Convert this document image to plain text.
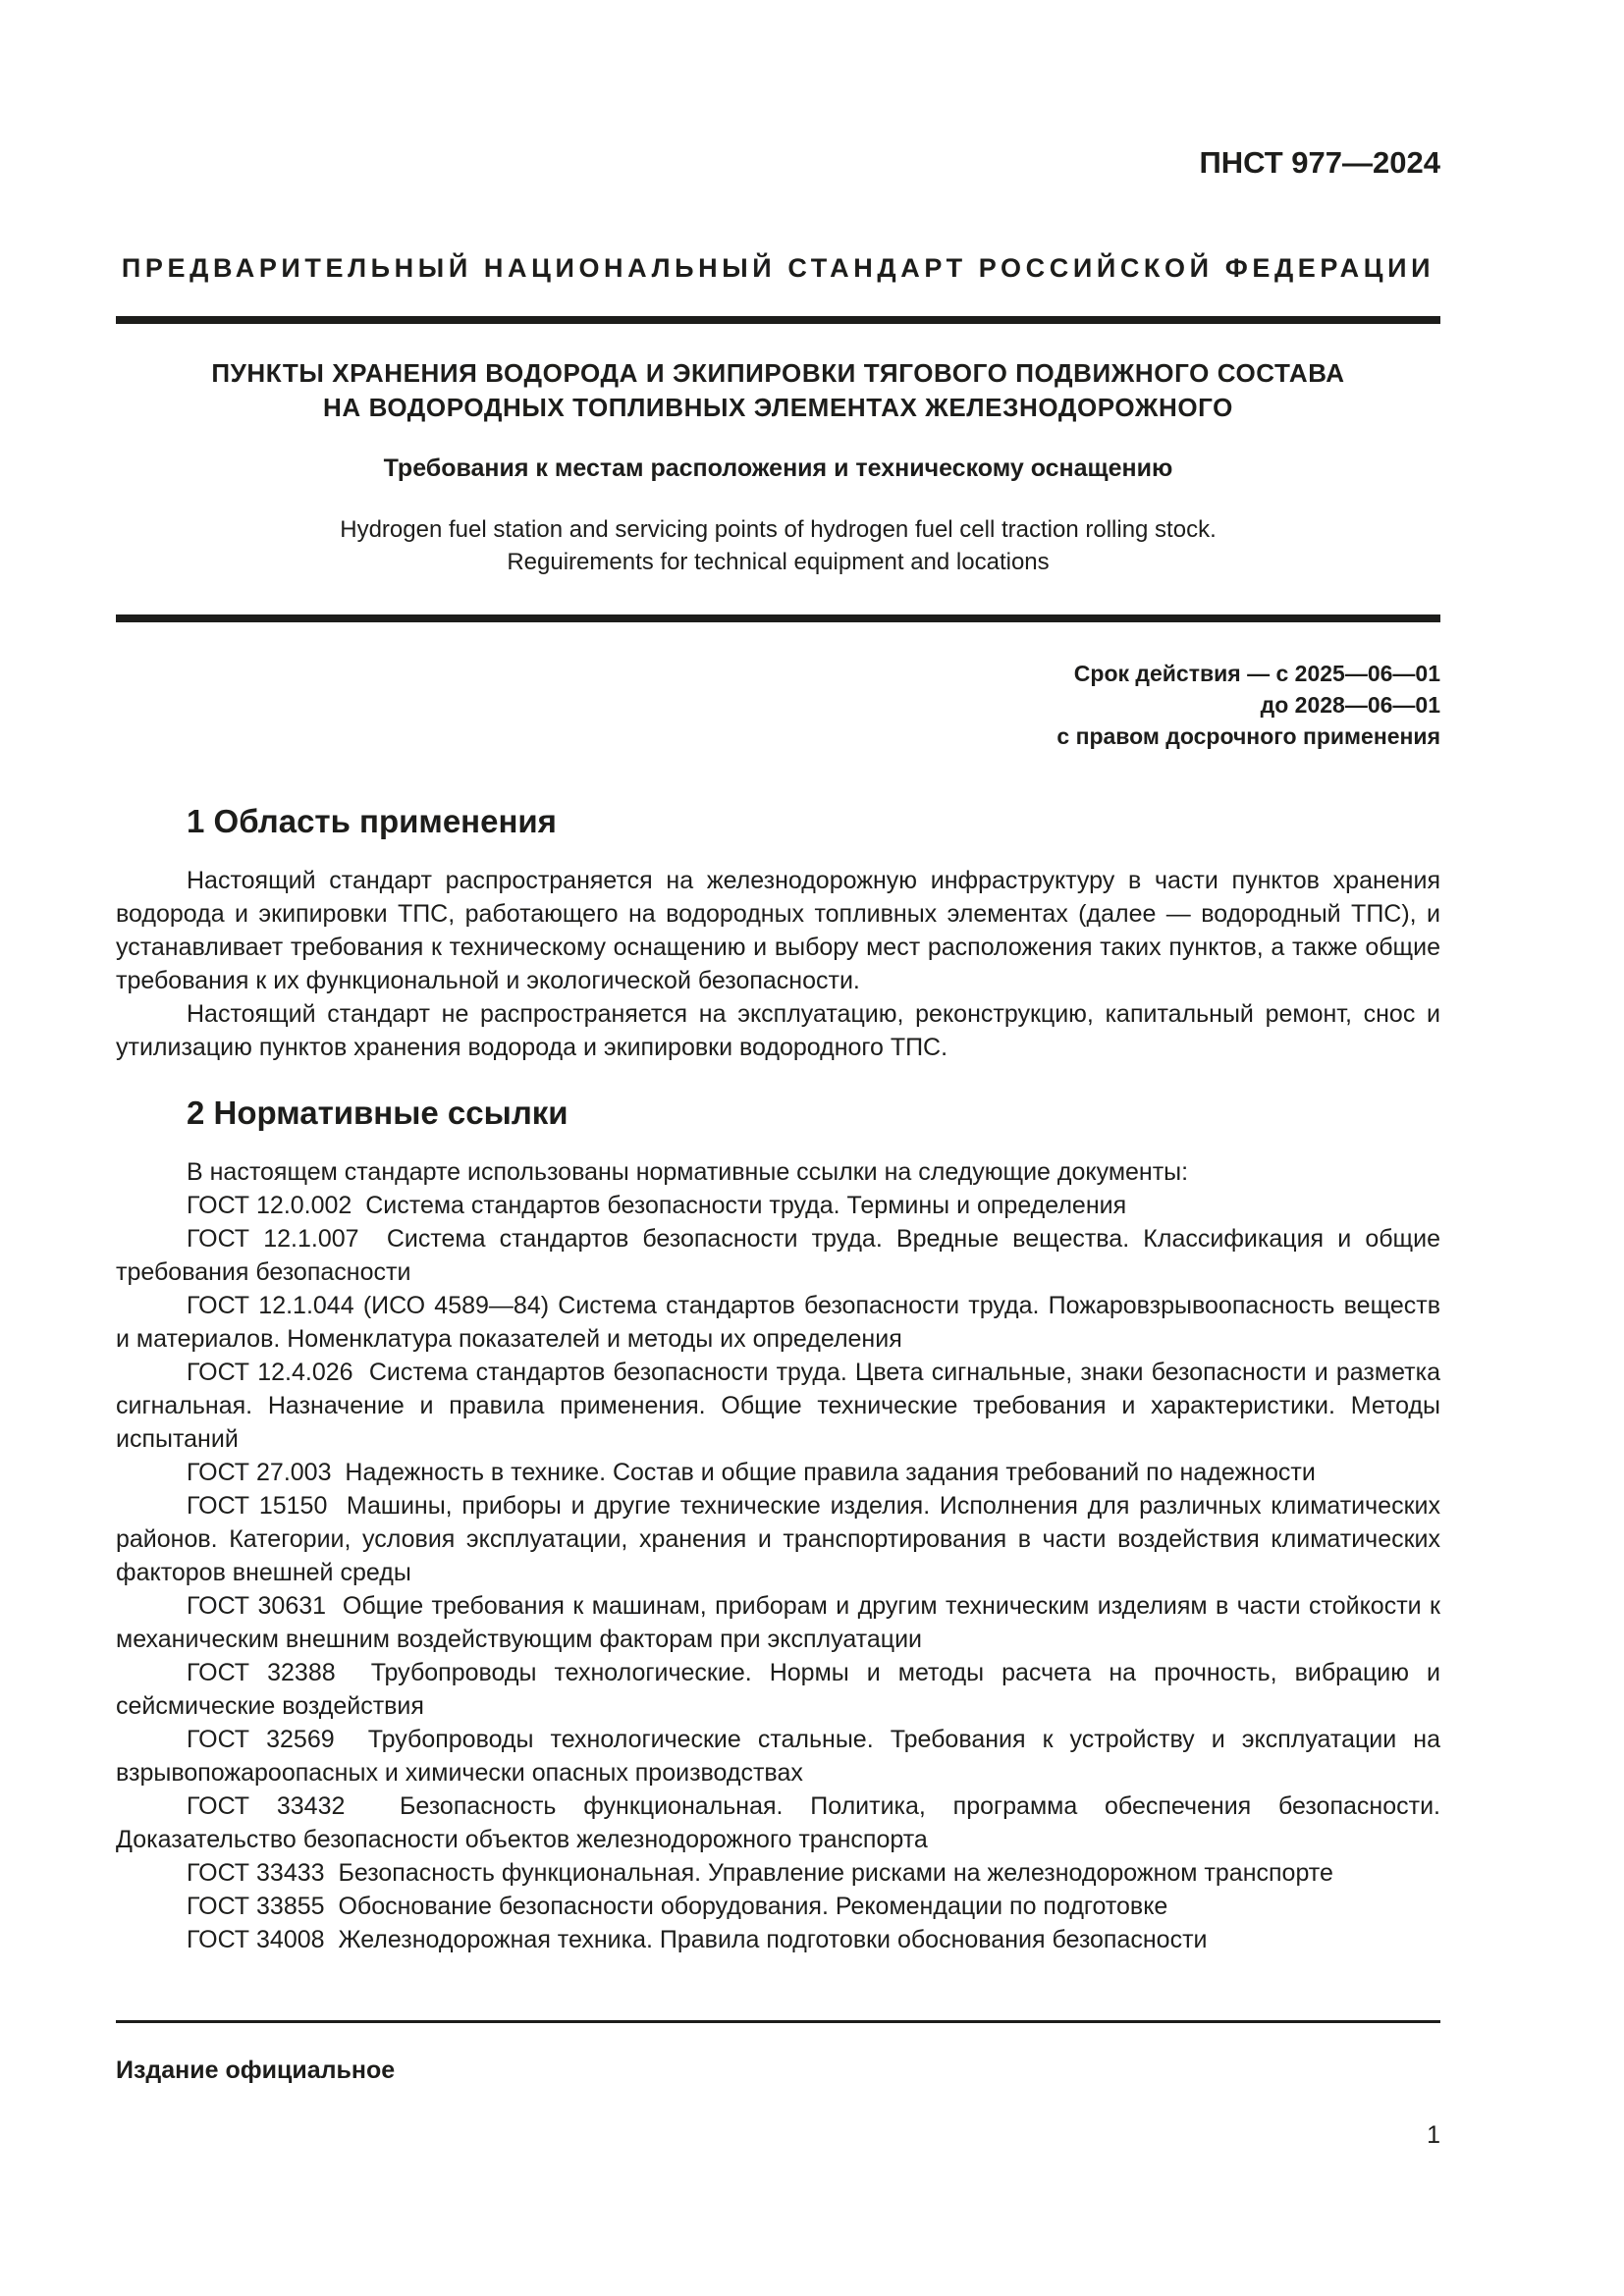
ПНСТ 977—2024
ПРЕДВАРИТЕЛЬНЫЙ НАЦИОНАЛЬНЫЙ СТАНДАРТ РОССИЙСКОЙ ФЕДЕРАЦИИ
ПУНКТЫ ХРАНЕНИЯ ВОДОРОДА И ЭКИПИРОВКИ ТЯГОВОГО ПОДВИЖНОГО СОСТАВА
НА ВОДОРОДНЫХ ТОПЛИВНЫХ ЭЛЕМЕНТАХ ЖЕЛЕЗНОДОРОЖНОГО
Требования к местам расположения и техническому оснащению
Hydrogen fuel station and servicing points of hydrogen fuel cell traction rolling stock.
Reguirements for technical equipment and locations
Срок действия — с 2025—06—01
до 2028—06—01
с правом досрочного применения
1 Область применения

Настоящий стандарт распространяется на железнодорожную инфраструктуру в части пунктов хранения водорода и экипировки ТПС, работающего на водородных топливных элементах (далее — водородный ТПС), и устанавливает требования к техническому оснащению и выбору мест расположения таких пунктов, а также общие требования к их функциональной и экологической безопасности.

Настоящий стандарт не распространяется на эксплуатацию, реконструкцию, капитальный ремонт, снос и утилизацию пунктов хранения водорода и экипировки водородного ТПС.

2 Нормативные ссылки

В настоящем стандарте использованы нормативные ссылки на следующие документы:

ГОСТ 12.0.002 Система стандартов безопасности труда. Термины и определения

ГОСТ 12.1.007 Система стандартов безопасности труда. Вредные вещества. Классификация и общие требования безопасности

ГОСТ 12.1.044 (ИСО 4589—84) Система стандартов безопасности труда. Пожаровзрывоопасность веществ и материалов. Номенклатура показателей и методы их определения

ГОСТ 12.4.026 Система стандартов безопасности труда. Цвета сигнальные, знаки безопасности и разметка сигнальная. Назначение и правила применения. Общие технические требования и характеристики. Методы испытаний

ГОСТ 27.003 Надежность в технике. Состав и общие правила задания требований по надежности

ГОСТ 15150 Машины, приборы и другие технические изделия. Исполнения для различных климатических районов. Категории, условия эксплуатации, хранения и транспортирования в части воздействия климатических факторов внешней среды

ГОСТ 30631 Общие требования к машинам, приборам и другим техническим изделиям в части стойкости к механическим внешним воздействующим факторам при эксплуатации

ГОСТ 32388 Трубопроводы технологические. Нормы и методы расчета на прочность, вибрацию и сейсмические воздействия

ГОСТ 32569 Трубопроводы технологические стальные. Требования к устройству и эксплуатации на взрывопожароопасных и химически опасных производствах

ГОСТ 33432 Безопасность функциональная. Политика, программа обеспечения безопасности. Доказательство безопасности объектов железнодорожного транспорта

ГОСТ 33433 Безопасность функциональная. Управление рисками на железнодорожном транспорте

ГОСТ 33855 Обоснование безопасности оборудования. Рекомендации по подготовке

ГОСТ 34008 Железнодорожная техника. Правила подготовки обоснования безопасности

Издание официальное
1
